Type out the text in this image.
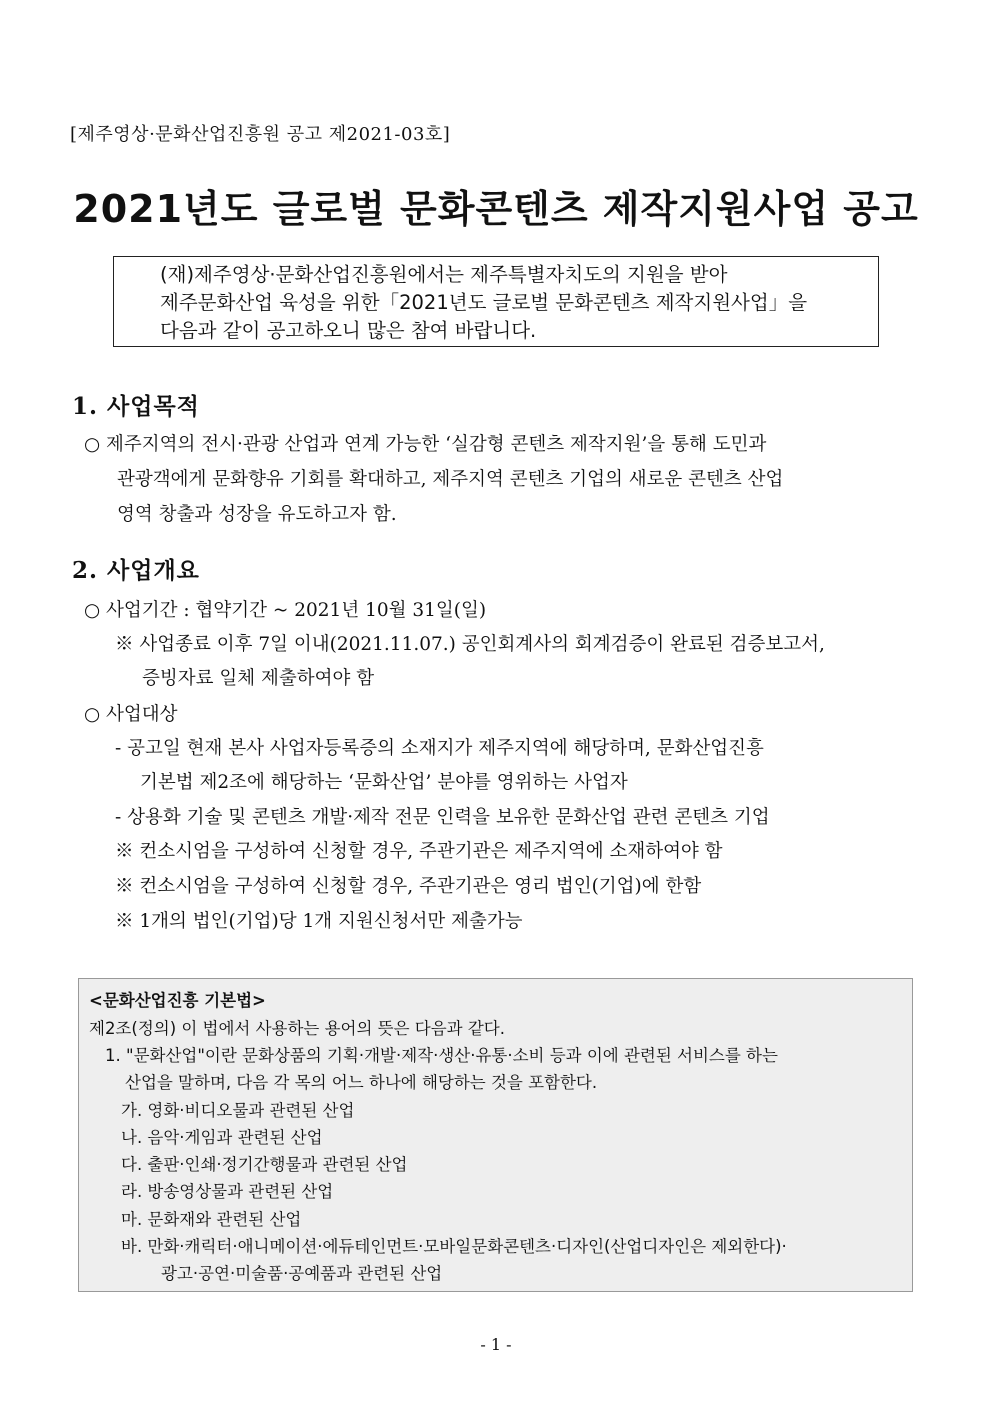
[제주영상·문화산업진흥원 공고 제2021-03호]
2021년도 글로벌 문화콘텐츠 제작지원사업 공고
(재)제주영상·문화산업진흥원에서는 제주특별자치도의 지원을 받아
제주문화산업 육성을 위한「2021년도 글로벌 문화콘텐츠 제작지원사업」을
다음과 같이 공고하오니 많은 참여 바랍니다.
1. 사업목적
○ 제주지역의 전시·관광 산업과 연계 가능한 ‘실감형 콘텐츠 제작지원’을 통해 도민과
관광객에게 문화향유 기회를 확대하고, 제주지역 콘텐츠 기업의 새로운 콘텐츠 산업
영역 창출과 성장을 유도하고자 함.
2. 사업개요
○ 사업기간 : 협약기간 ~ 2021년 10월 31일(일)
※ 사업종료 이후 7일 이내(2021.11.07.) 공인회계사의 회계검증이 완료된 검증보고서,
증빙자료 일체 제출하여야 함
○ 사업대상
- 공고일 현재 본사 사업자등록증의 소재지가 제주지역에 해당하며, 문화산업진흥
기본법 제2조에 해당하는 ‘문화산업’ 분야를 영위하는 사업자
- 상용화 기술 및 콘텐츠 개발·제작 전문 인력을 보유한 문화산업 관련 콘텐츠 기업
※ 컨소시엄을 구성하여 신청할 경우, 주관기관은 제주지역에 소재하여야 함
※ 컨소시엄을 구성하여 신청할 경우, 주관기관은 영리 법인(기업)에 한함
※ 1개의 법인(기업)당 1개 지원신청서만 제출가능
<문화산업진흥 기본법>
제2조(정의) 이 법에서 사용하는 용어의 뜻은 다음과 같다.
1. "문화산업"이란 문화상품의 기획·개발·제작·생산·유통·소비 등과 이에 관련된 서비스를 하는
산업을 말하며, 다음 각 목의 어느 하나에 해당하는 것을 포함한다.
가. 영화·비디오물과 관련된 산업
나. 음악·게임과 관련된 산업
다. 출판·인쇄·정기간행물과 관련된 산업
라. 방송영상물과 관련된 산업
마. 문화재와 관련된 산업
바. 만화·캐릭터·애니메이션·에듀테인먼트·모바일문화콘텐츠·디자인(산업디자인은 제외한다)·
광고·공연·미술품·공예품과 관련된 산업
- 1 -
